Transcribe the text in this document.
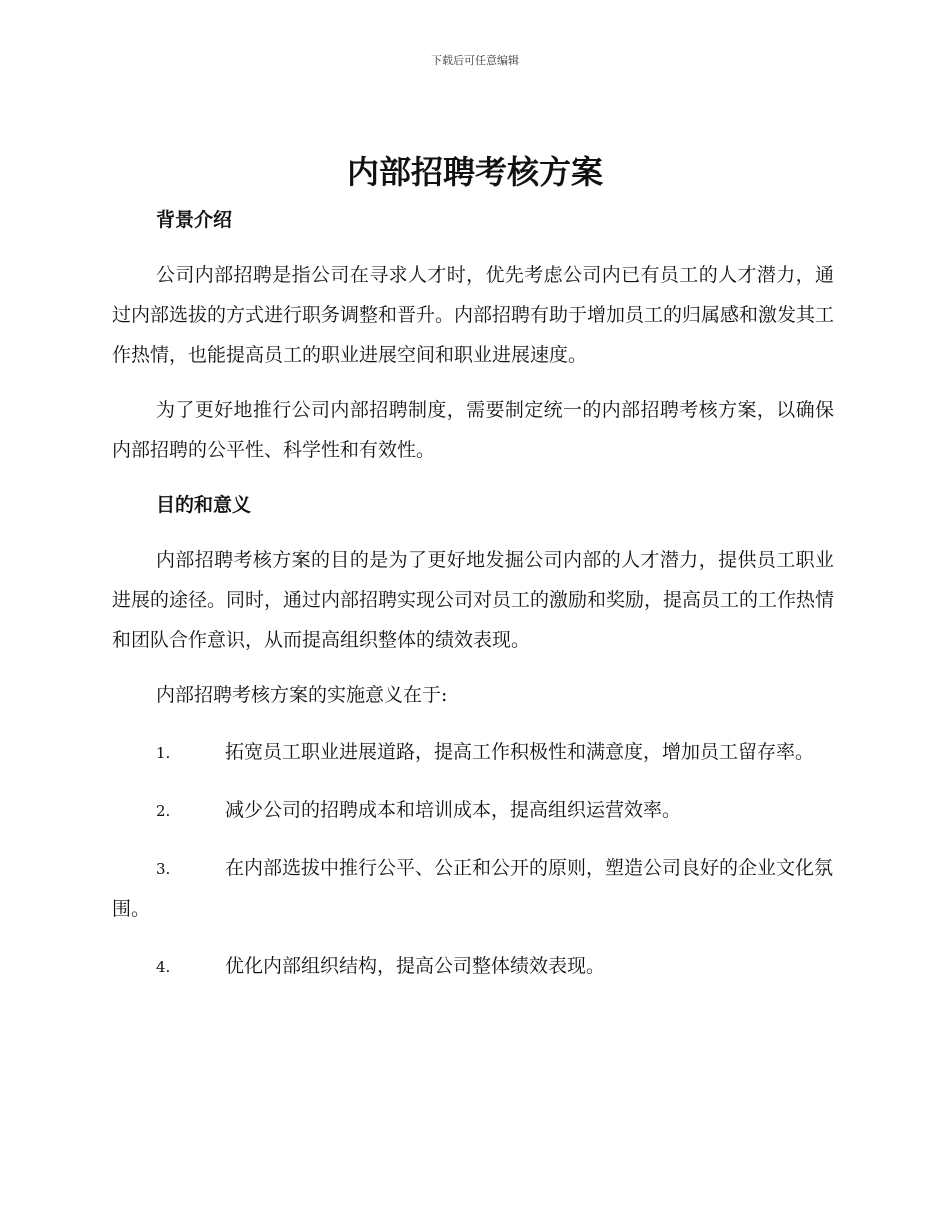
下载后可任意编辑
内部招聘考核方案
背景介绍

公司内部招聘是指公司在寻求人才时，优先考虑公司内已有员工的人才潜力，通过内部选拔的方式进行职务调整和晋升。内部招聘有助于增加员工的归属感和激发其工作热情，也能提高员工的职业进展空间和职业进展速度。

为了更好地推行公司内部招聘制度，需要制定统一的内部招聘考核方案，以确保内部招聘的公平性、科学性和有效性。

目的和意义

内部招聘考核方案的目的是为了更好地发掘公司内部的人才潜力，提供员工职业进展的途径。同时，通过内部招聘实现公司对员工的激励和奖励，提高员工的工作热情和团队合作意识，从而提高组织整体的绩效表现。

内部招聘考核方案的实施意义在于:

1.	拓宽员工职业进展道路，提高工作积极性和满意度，增加员工留存率。

2.	减少公司的招聘成本和培训成本，提高组织运营效率。

3.	在内部选拔中推行公平、公正和公开的原则，塑造公司良好的企业文化氛围。

4.	优化内部组织结构，提高公司整体绩效表现。
